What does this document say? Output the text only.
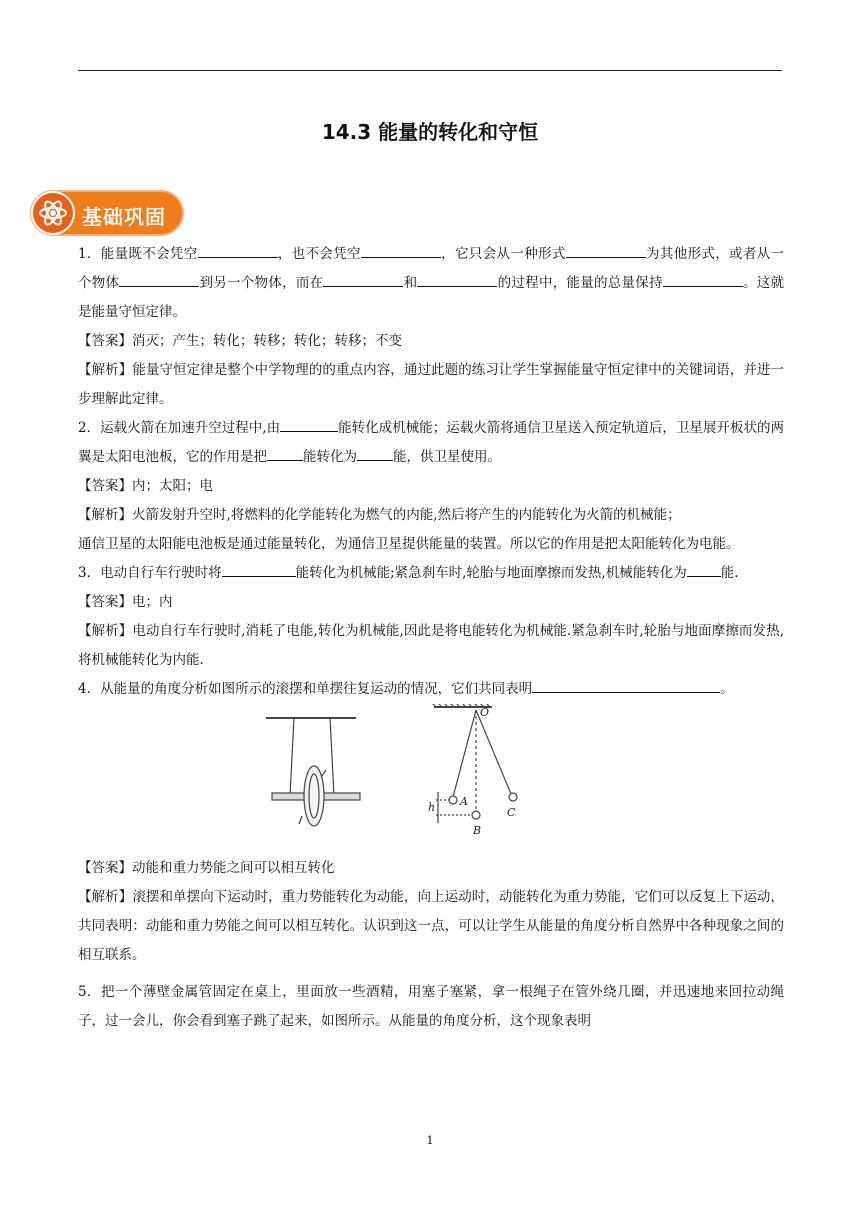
14.3 能量的转化和守恒
基础巩固

1．能量既不会凭空	，也不会凭空	，它只会从一种形式	为其他形式，或者从一个物体	到另一个物体，而在	和	的过程中，能量的总量保持	。这就是能量守恒定律。

【答案】消灭；产生；转化；转移；转化；转移；不变

【解析】能量守恒定律是整个中学物理的的重点内容，通过此题的练习让学生掌握能量守恒定律中的关键词语，并进一步理解此定律。

2．运载火箭在加速升空过程中,由	能转化成机械能；运载火箭将通信卫星送入预定轨道后，卫星展开板状的两翼是太阳电池板，它的作用是把	能转化为	能，供卫星使用。

【答案】内；太阳；电

【解析】火箭发射升空时,将燃料的化学能转化为燃气的内能,然后将产生的内能转化为火箭的机械能；

通信卫星的太阳能电池板是通过能量转化，为通信卫星提供能量的装置。所以它的作用是把太阳能转化为电能。

3．电动自行车行驶时将	能转化为机械能;紧急刹车时,轮胎与地面摩擦而发热,机械能转化为	能.

【答案】电；内

【解析】电动自行车行驶时,消耗了电能,转化为机械能,因此是将电能转化为机械能.紧急刹车时,轮胎与地面摩擦而发热,将机械能转化为内能.

4．从能量的角度分析如图所示的滚摆和单摆往复运动的情况，它们共同表明	。

O
A
B
C
h

【答案】动能和重力势能之间可以相互转化

【解析】滚摆和单摆向下运动时，重力势能转化为动能，向上运动时，动能转化为重力势能，它们可以反复上下运动，共同表明：动能和重力势能之间可以相互转化。认识到这一点，可以让学生从能量的角度分析自然界中各种现象之间的相互联系。

5．把一个薄壁金属管固定在桌上，里面放一些酒精，用塞子塞紧，拿一根绳子在管外绕几圈，并迅速地来回拉动绳子，过一会儿，你会看到塞子跳了起来，如图所示。从能量的角度分析，这个现象表明

1
